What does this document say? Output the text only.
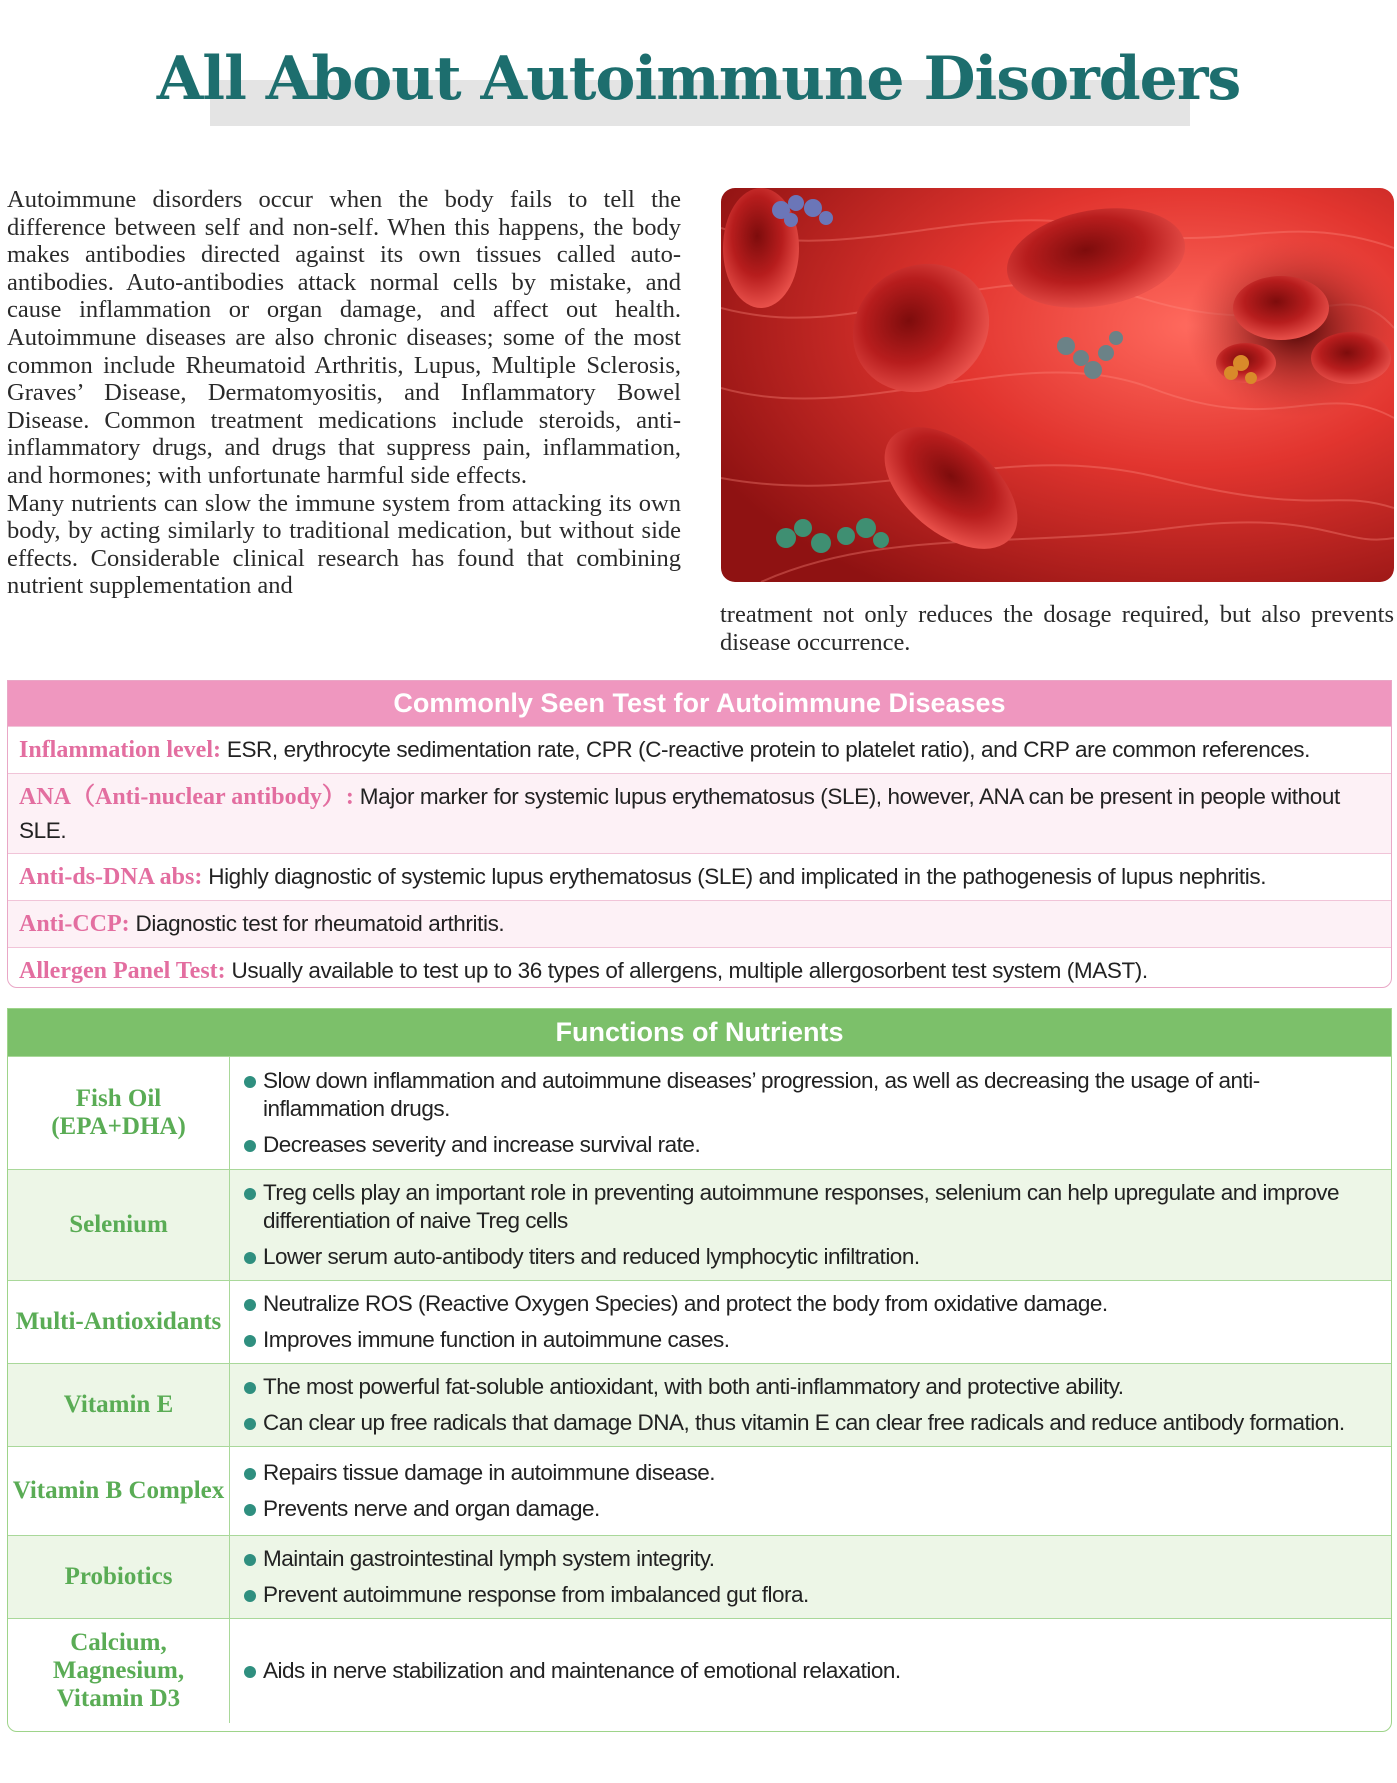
All About Autoimmune Disorders

Autoimmune disorders occur when the body fails to tell the difference between self and non-self. When this happens, the body makes antibodies directed against its own tissues called auto-antibodies. Auto-antibodies attack normal cells by mistake, and cause inflammation or organ damage, and affect out health. Autoimmune diseases are also chronic diseases; some of the most common include Rheumatoid Arthritis, Lupus, Multiple Sclerosis, Graves’ Disease, Dermatomyositis, and Inflammatory Bowel Disease. Common treatment medications include steroids, anti-inflammatory drugs, and drugs that suppress pain, inflammation, and hormones; with unfortunate harmful side effects.

Many nutrients can slow the immune system from attacking its own body, by acting similarly to traditional medication, but without side effects. Considerable clinical research has found that combining nutrient supplementation and

treatment not only reduces the dosage required, but also prevents disease occurrence.

Commonly Seen Test for Autoimmune Diseases
Inflammation level: ESR, erythrocyte sedimentation rate, CPR (C-reactive protein to platelet ratio), and CRP are common references.
ANA（Anti-nuclear antibody）: Major marker for systemic lupus erythematosus (SLE), however, ANA can be present in people without SLE.
Anti-ds-DNA abs: Highly diagnostic of systemic lupus erythematosus (SLE) and implicated in the pathogenesis of lupus nephritis.
Anti-CCP: Diagnostic test for rheumatoid arthritis.
Allergen Panel Test: Usually available to test up to 36 types of allergens, multiple allergosorbent test system (MAST).
Functions of Nutrients
Fish Oil (EPA+DHA)
Slow down inflammation and autoimmune diseases’ progression, as well as decreasing the usage of anti-inflammation drugs.
Decreases severity and increase survival rate.
Selenium
Treg cells play an important role in preventing autoimmune responses, selenium can help upregulate and improve differentiation of naive Treg cells
Lower serum auto-antibody titers and reduced lymphocytic infiltration.
Multi-Antioxidants
Neutralize ROS (Reactive Oxygen Species) and protect the body from oxidative damage.
Improves immune function in autoimmune cases.
Vitamin E
The most powerful fat-soluble antioxidant, with both anti-inflammatory and protective ability.
Can clear up free radicals that damage DNA, thus vitamin E can clear free radicals and reduce antibody formation.
Vitamin B Complex
Repairs tissue damage in autoimmune disease.
Prevents nerve and organ damage.
Probiotics
Maintain gastrointestinal lymph system integrity.
Prevent autoimmune response from imbalanced gut flora.
Calcium, Magnesium, Vitamin D3
Aids in nerve stabilization and maintenance of emotional relaxation.
